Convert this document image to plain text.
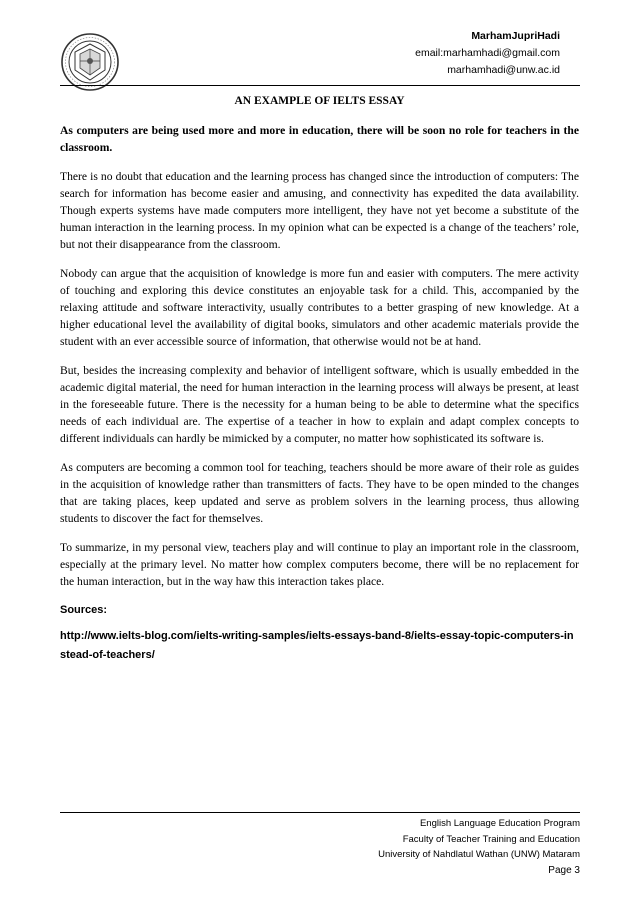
MarhamJupriHadi
email:marhamhadi@gmail.com
marhamhadi@unw.ac.id
AN EXAMPLE OF IELTS ESSAY

As computers are being used more and more in education, there will be soon no role for teachers in the classroom.

There is no doubt that education and the learning process has changed since the introduction of computers: The search for information has become easier and amusing, and connectivity has expedited the data availability. Though experts systems have made computers more intelligent, they have not yet become a substitute of the human interaction in the learning process. In my opinion what can be expected is a change of the teachers’ role, but not their disappearance from the classroom.

Nobody can argue that the acquisition of knowledge is more fun and easier with computers. The mere activity of touching and exploring this device constitutes an enjoyable task for a child. This, accompanied by the relaxing attitude and software interactivity, usually contributes to a better grasping of new knowledge. At a higher educational level the availability of digital books, simulators and other academic materials provide the student with an ever accessible source of information, that otherwise would not be at hand.

But, besides the increasing complexity and behavior of intelligent software, which is usually embedded in the academic digital material, the need for human interaction in the learning process will always be present, at least in the foreseeable future. There is the necessity for a human being to be able to determine what the specifics needs of each individual are. The expertise of a teacher in how to explain and adapt complex concepts to different individuals can hardly be mimicked by a computer, no matter how sophisticated its software is.

As computers are becoming a common tool for teaching, teachers should be more aware of their role as guides in the acquisition of knowledge rather than transmitters of facts. They have to be open minded to the changes that are taking places, keep updated and serve as problem solvers in the learning process, thus allowing students to discover the fact for themselves.

To summarize, in my personal view, teachers play and will continue to play an important role in the classroom, especially at the primary level. No matter how complex computers become, there will be no replacement for the human interaction, but in the way haw this interaction takes place.

Sources:

http://www.ielts-blog.com/ielts-writing-samples/ielts-essays-band-8/ielts-essay-topic-computers-instead-of-teachers/

English Language Education Program
Faculty of Teacher Training and Education
University of Nahdlatul Wathan (UNW) Mataram
Page 3
